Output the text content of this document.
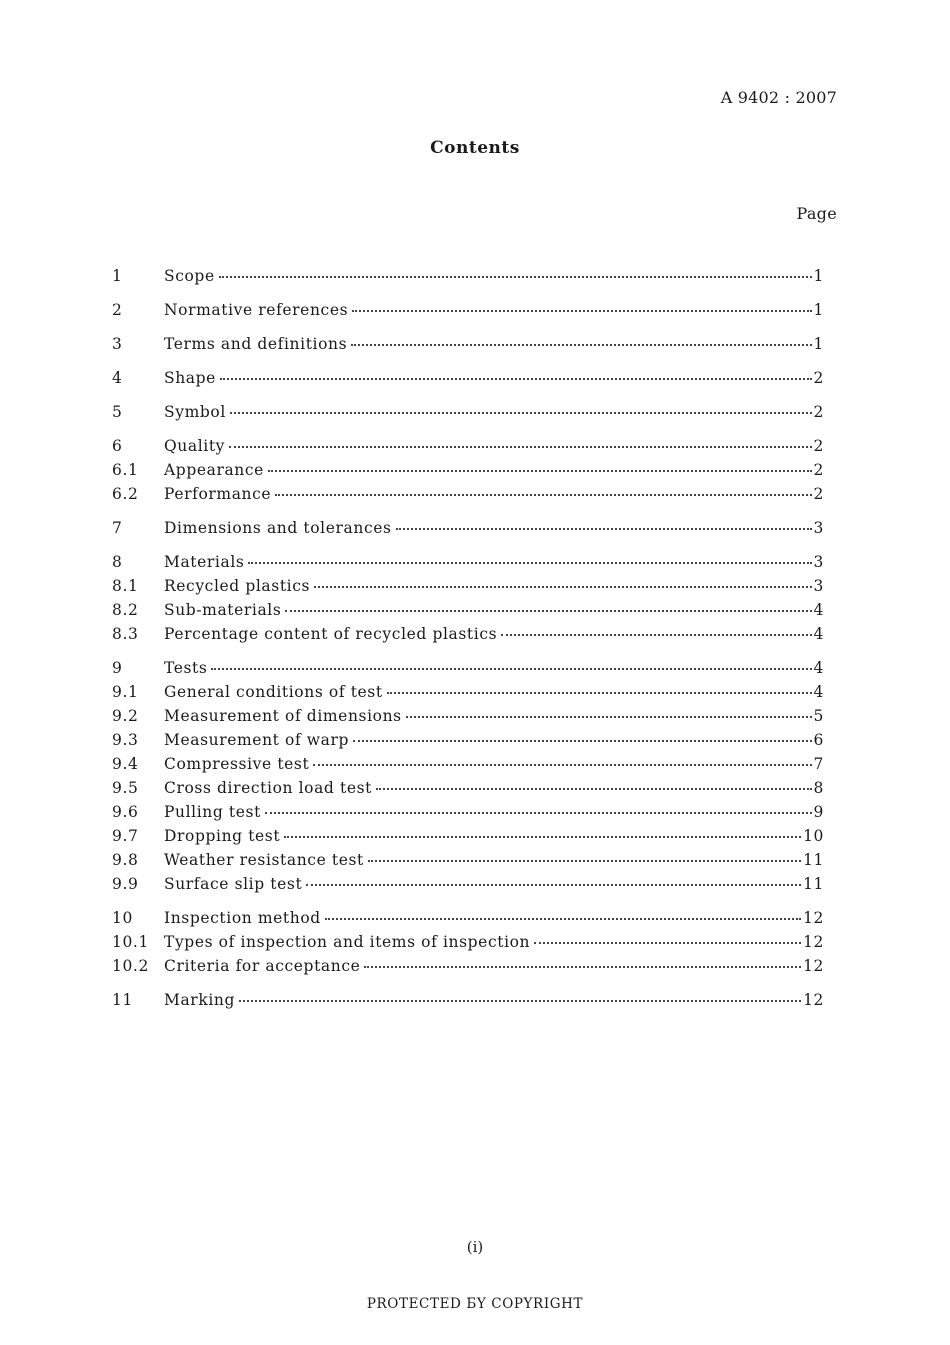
A 9402 : 2007
Contents
Page
1	Scope	1
2	Normative references	1
3	Terms and definitions	1
4	Shape	2
5	Symbol	2
6	Quality	2
6.1	Appearance	2
6.2	Performance	2
7	Dimensions and tolerances	3
8	Materials	3
8.1	Recycled plastics	3
8.2	Sub-materials	4
8.3	Percentage content of recycled plastics	4
9	Tests	4
9.1	General conditions of test	4
9.2	Measurement of dimensions	5
9.3	Measurement of warp	6
9.4	Compressive test	7
9.5	Cross direction load test	8
9.6	Pulling test	9
9.7	Dropping test	10
9.8	Weather resistance test	11
9.9	Surface slip test	11
10	Inspection method	12
10.1 Types of inspection and items of inspection	12
10.2 Criteria for acceptance	12
11	Marking	12
(i)
PROTECTED БY COPYRIGHT
